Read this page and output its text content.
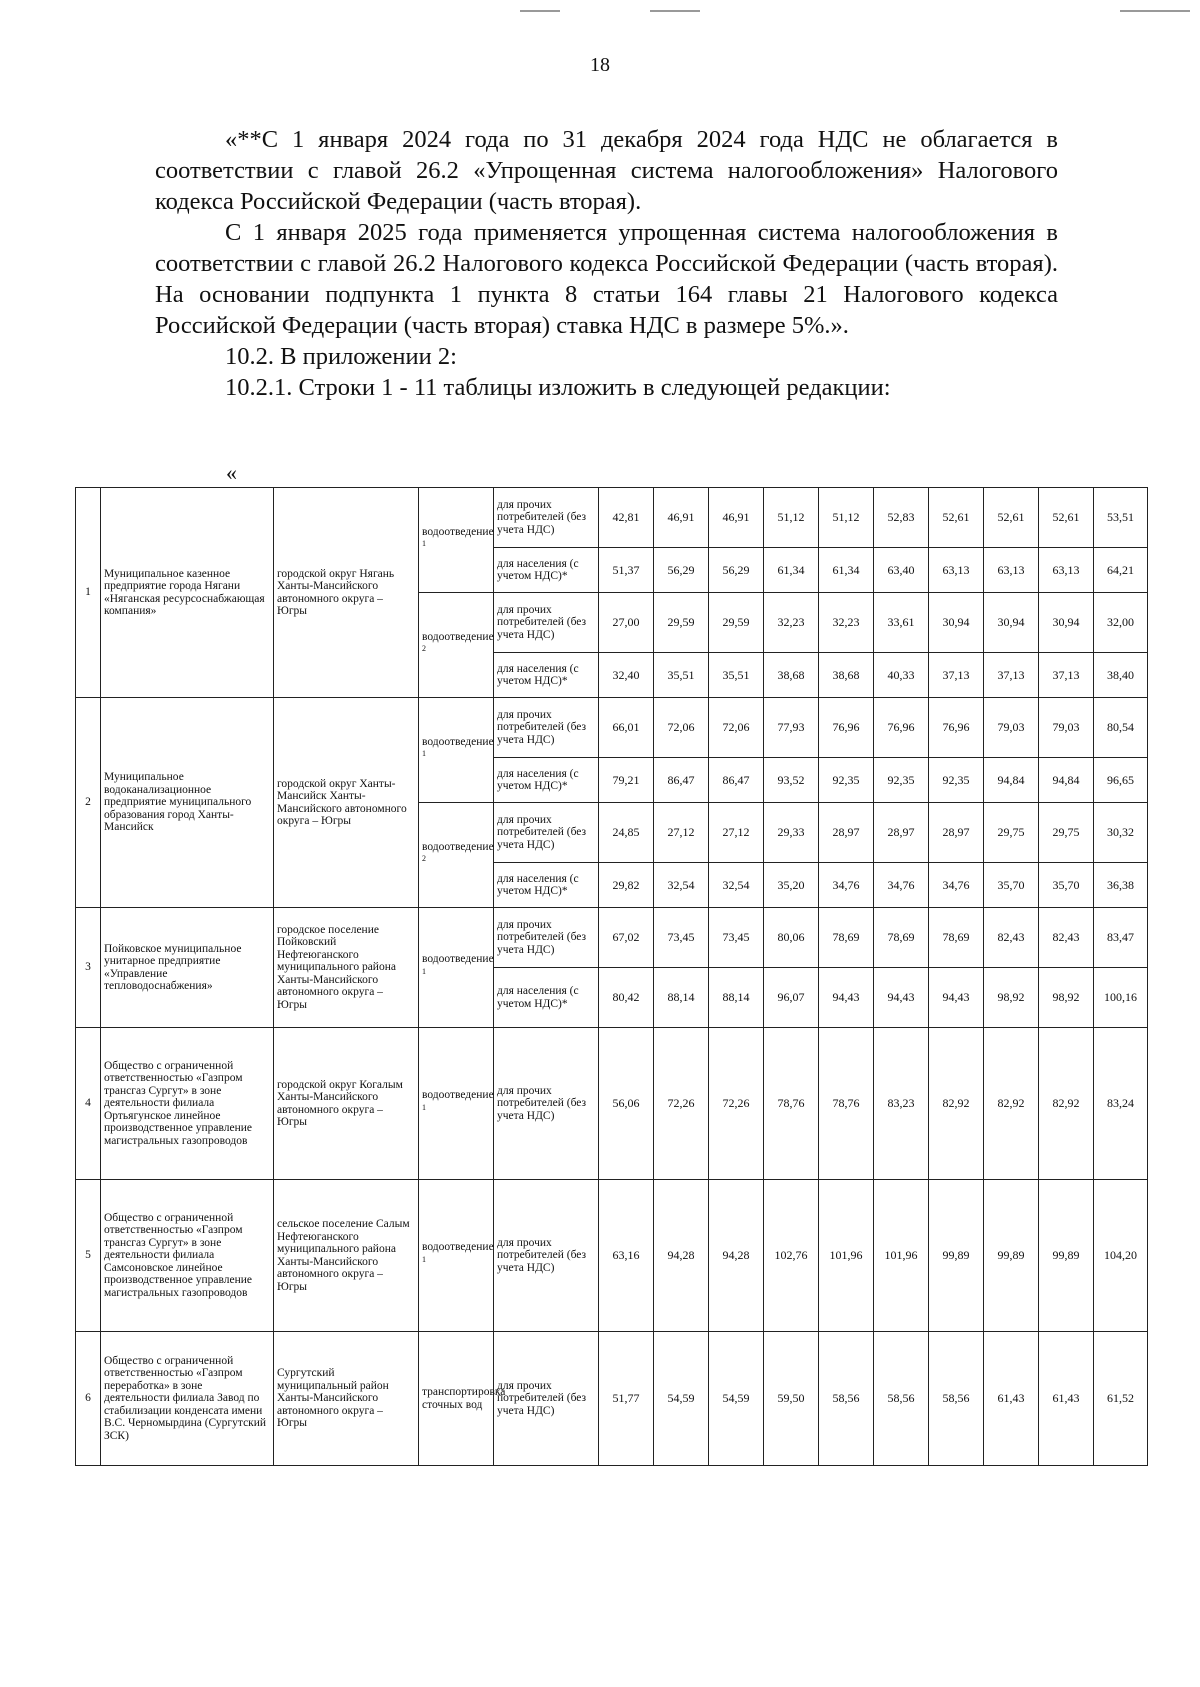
18

«**С 1 января 2024 года по 31 декабря 2024 года НДС не облагается в соответствии с главой 26.2 «Упрощенная система налогообложения» Налогового кодекса Российской Федерации (часть вторая).

С 1 января 2025 года применяется упрощенная система налогообложения в соответствии с главой 26.2 Налогового кодекса Российской Федерации (часть вторая). На основании подпункта 1 пункта 8 статьи 164 главы 21 Налогового кодекса Российской Федерации (часть вторая) ставка НДС в размере 5%.».

10.2. В приложении 2:

10.2.1. Строки 1 - 11 таблицы изложить в следующей редакции:

«
1	Муниципальное казенное предприятие города Нягани «Няганская ресурсоснабжающая компания»	городской округ Нягань Ханты-Мансийского автономного округа – Югры	водоотведение $^1$	для прочих потребителей (без учета НДС)	42,81	46,91	46,91	51,12	51,12	52,83	52,61	52,61	52,61	53,51
				для населения (с учетом НДС)*	51,37	56,29	56,29	61,34	61,34	63,40	63,13	63,13	63,13	64,21
			водоотведение $^2$	для прочих потребителей (без учета НДС)	27,00	29,59	29,59	32,23	32,23	33,61	30,94	30,94	30,94	32,00
				для населения (с учетом НДС)*	32,40	35,51	35,51	38,68	38,68	40,33	37,13	37,13	37,13	38,40
2	Муниципальное водоканализационное предприятие муниципального образования город Ханты-Мансийск	городской округ Ханты-Мансийск Ханты-Мансийского автономного округа – Югры	водоотведение $^1$	для прочих потребителей (без учета НДС)	66,01	72,06	72,06	77,93	76,96	76,96	76,96	79,03	79,03	80,54
				для населения (с учетом НДС)*	79,21	86,47	86,47	93,52	92,35	92,35	92,35	94,84	94,84	96,65
			водоотведение $^2$	для прочих потребителей (без учета НДС)	24,85	27,12	27,12	29,33	28,97	28,97	28,97	29,75	29,75	30,32
				для населения (с учетом НДС)*	29,82	32,54	32,54	35,20	34,76	34,76	34,76	35,70	35,70	36,38
3	Пойковское муниципальное унитарное предприятие «Управление тепловодоснабжения»	городское поселение Пойковский Нефтеюганского муниципального района Ханты-Мансийского автономного округа – Югры	водоотведение $^1$	для прочих потребителей (без учета НДС)	67,02	73,45	73,45	80,06	78,69	78,69	78,69	82,43	82,43	83,47
				для населения (с учетом НДС)*	80,42	88,14	88,14	96,07	94,43	94,43	94,43	98,92	98,92	100,16
4	Общество с ограниченной ответственностью «Газпром трансгаз Сургут» в зоне деятельности филиала Ортьягунское линейное производственное управление магистральных газопроводов	городской округ Когалым Ханты-Мансийского автономного округа – Югры	водоотведение $^1$	для прочих потребителей (без учета НДС)	56,06	72,26	72,26	78,76	78,76	83,23	82,92	82,92	82,92	83,24
5	Общество с ограниченной ответственностью «Газпром трансгаз Сургут» в зоне деятельности филиала Самсоновское линейное производственное управление магистральных газопроводов	сельское поселение Салым Нефтеюганского муниципального района Ханты-Мансийского автономного округа – Югры	водоотведение $^1$	для прочих потребителей (без учета НДС)	63,16	94,28	94,28	102,76	101,96	101,96	99,89	99,89	99,89	104,20
6	Общество с ограниченной ответственностью «Газпром переработка» в зоне деятельности филиала Завод по стабилизации конденсата имени В.С. Черномырдина (Сургутский ЗСК)	Сургутский муниципальный район Ханты-Мансийского автономного округа – Югры	транспортировка сточных вод	для прочих потребителей (без учета НДС)	51,77	54,59	54,59	59,50	58,56	58,56	58,56	61,43	61,43	61,52
